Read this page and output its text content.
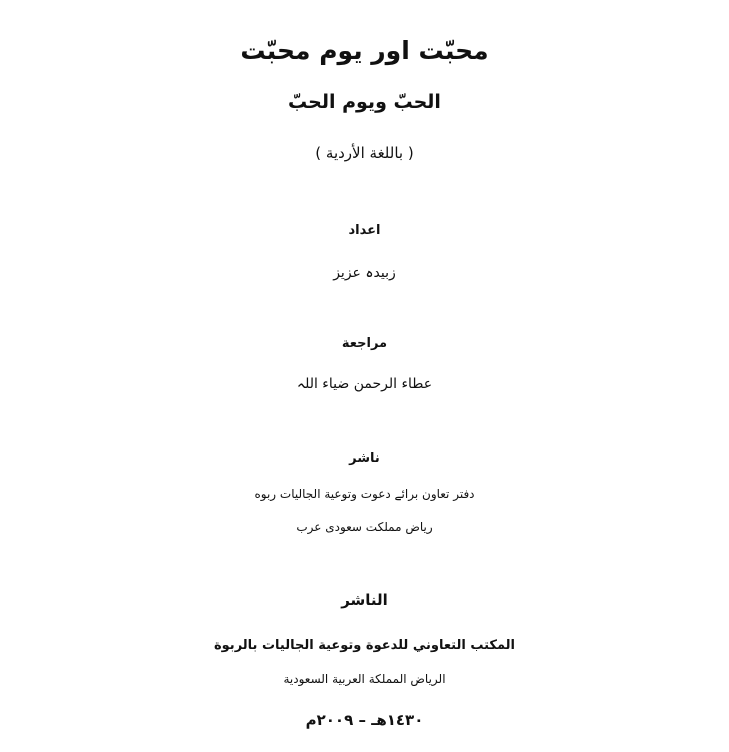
محبّت اور یوم محبّت
الحبّ ویوم الحبّ
( باللغة الأردية )
اعداد
زبیدہ عزیز
مراجعة
عطاء الرحمن ضیاء اللہ
ناشر
دفتر تعاون برائے دعوت وتوعیة الجالیات ربوه
ریاض مملکت سعودی عرب
الناشر
المكتب التعاوني للدعوة وتوعية الجاليات بالربوة
الرياض المملكة العربية السعودية
١٤٣٠هـ – ٢٠٠٩م
